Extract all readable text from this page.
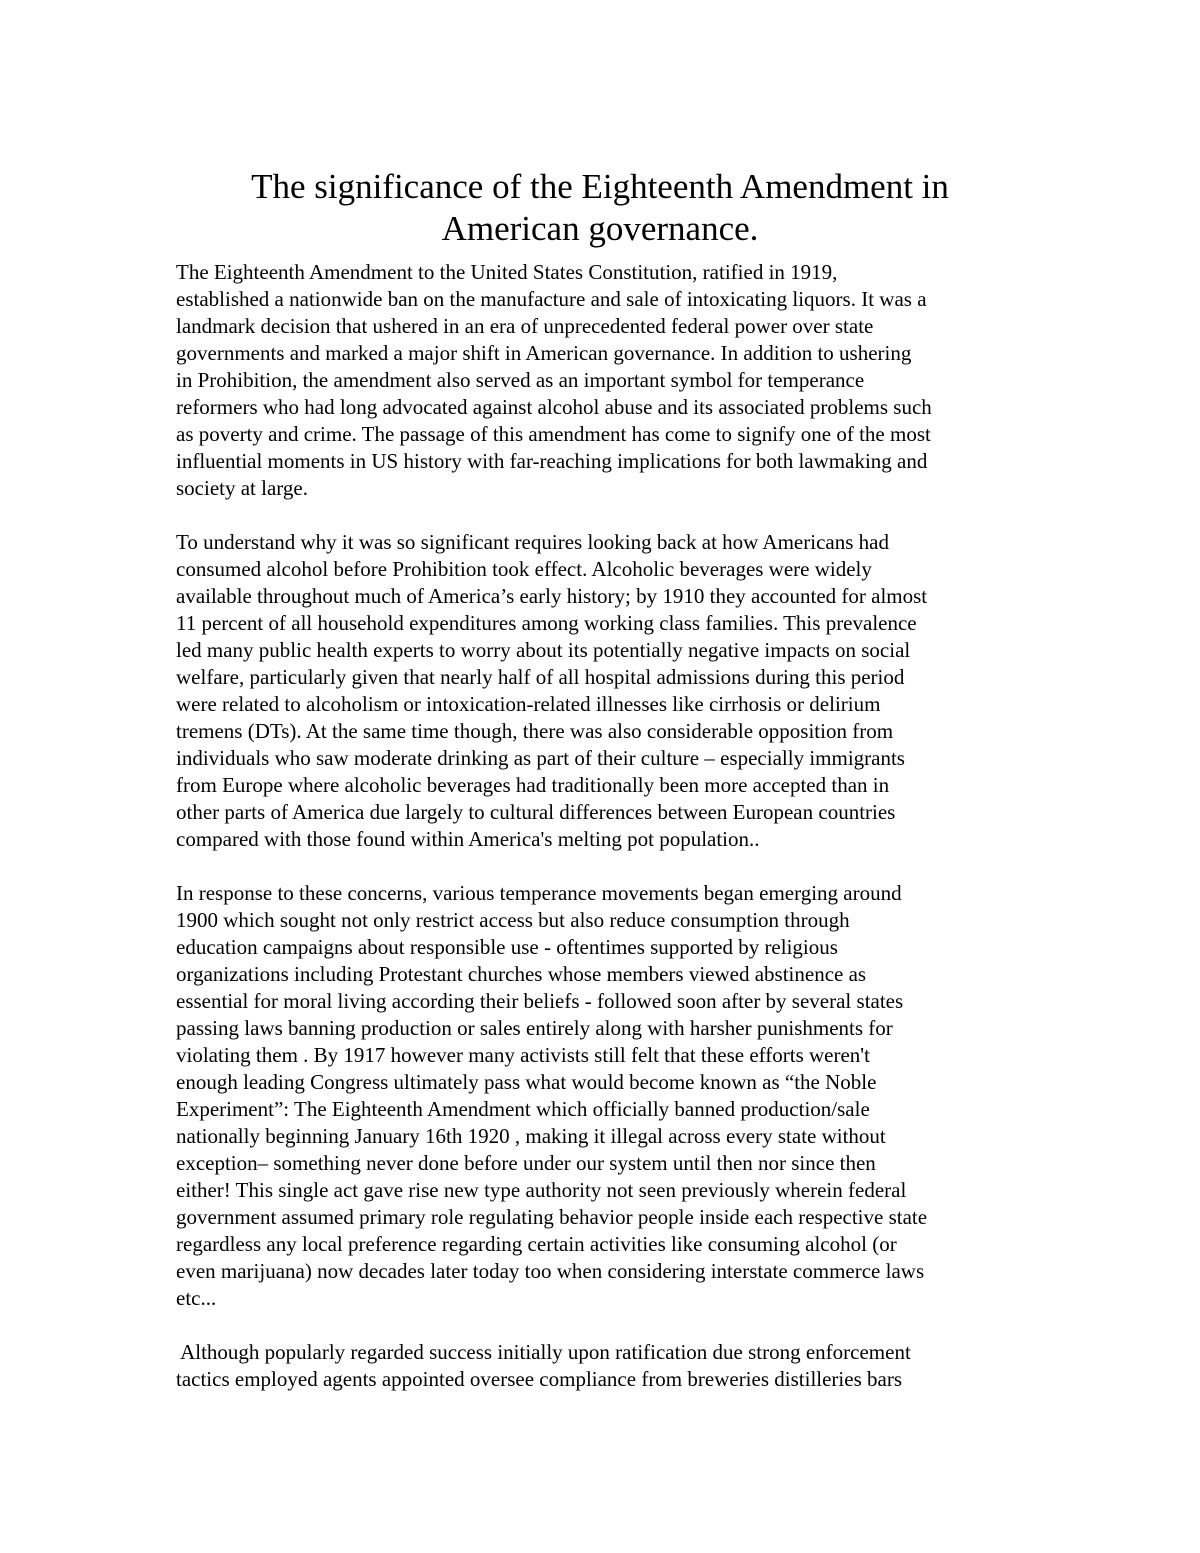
The significance of the Eighteenth Amendment in
American governance.
The Eighteenth Amendment to the United States Constitution, ratified in 1919,
established a nationwide ban on the manufacture and sale of intoxicating liquors. It was a
landmark decision that ushered in an era of unprecedented federal power over state
governments and marked a major shift in American governance. In addition to ushering
in Prohibition, the amendment also served as an important symbol for temperance
reformers who had long advocated against alcohol abuse and its associated problems such
as poverty and crime. The passage of this amendment has come to signify one of the most
influential moments in US history with far-reaching implications for both lawmaking and
society at large.
To understand why it was so significant requires looking back at how Americans had
consumed alcohol before Prohibition took effect. Alcoholic beverages were widely
available throughout much of America’s early history; by 1910 they accounted for almost
11 percent of all household expenditures among working class families. This prevalence
led many public health experts to worry about its potentially negative impacts on social
welfare, particularly given that nearly half of all hospital admissions during this period
were related to alcoholism or intoxication-related illnesses like cirrhosis or delirium
tremens (DTs). At the same time though, there was also considerable opposition from
individuals who saw moderate drinking as part of their culture – especially immigrants
from Europe where alcoholic beverages had traditionally been more accepted than in
other parts of America due largely to cultural differences between European countries
compared with those found within America's melting pot population..
In response to these concerns, various temperance movements began emerging around
1900 which sought not only restrict access but also reduce consumption through
education campaigns about responsible use - oftentimes supported by religious
organizations including Protestant churches whose members viewed abstinence as
essential for moral living according their beliefs - followed soon after by several states
passing laws banning production or sales entirely along with harsher punishments for
violating them . By 1917 however many activists still felt that these efforts weren't
enough leading Congress ultimately pass what would become known as “the Noble
Experiment”: The Eighteenth Amendment which officially banned production/sale
nationally beginning January 16th 1920 , making it illegal across every state without
exception– something never done before under our system until then nor since then
either! This single act gave rise new type authority not seen previously wherein federal
government assumed primary role regulating behavior people inside each respective state
regardless any local preference regarding certain activities like consuming alcohol (or
even marijuana) now decades later today too when considering interstate commerce laws
etc...
Although popularly regarded success initially upon ratification due strong enforcement
tactics employed agents appointed oversee compliance from breweries distilleries bars
